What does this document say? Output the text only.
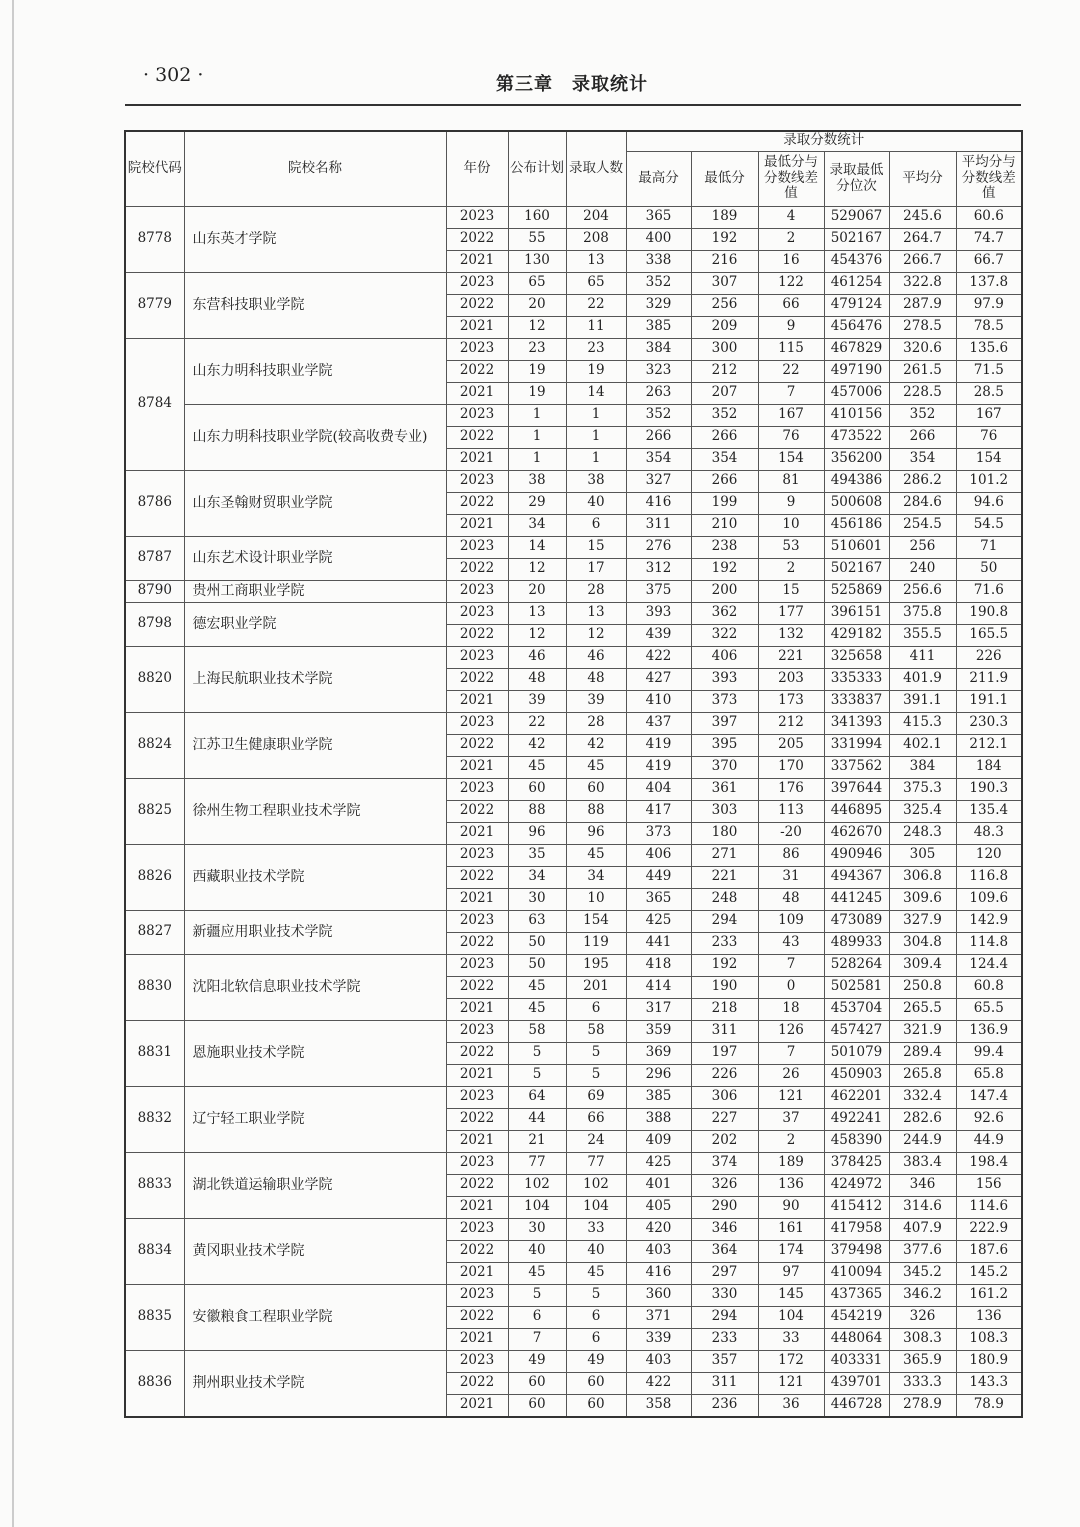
· 302 ·	第三章　录取统计
院校代码	院校名称	年份	公布计划	录取人数	录取分数统计					
					最高分	最低分	最低分与分数线差值	录取最低分位次	平均分	平均分与分数线差值
8778	山东英才学院	2023	160	204	365	189	4	529067	245.6	60.6
		2022	55	208	400	192	2	502167	264.7	74.7
		2021	130	13	338	216	16	454376	266.7	66.7
8779	东营科技职业学院	2023	65	65	352	307	122	461254	322.8	137.8
		2022	20	22	329	256	66	479124	287.9	97.9
		2021	12	11	385	209	9	456476	278.5	78.5
8784	山东力明科技职业学院	2023	23	23	384	300	115	467829	320.6	135.6
		2022	19	19	323	212	22	497190	261.5	71.5
		2021	19	14	263	207	7	457006	228.5	28.5
	山东力明科技职业学院(较高收费专业)	2023	1	1	352	352	167	410156	352	167
		2022	1	1	266	266	76	473522	266	76
		2021	1	1	354	354	154	356200	354	154
8786	山东圣翰财贸职业学院	2023	38	38	327	266	81	494386	286.2	101.2
		2022	29	40	416	199	9	500608	284.6	94.6
		2021	34	6	311	210	10	456186	254.5	54.5
8787	山东艺术设计职业学院	2023	14	15	276	238	53	510601	256	71
		2022	12	17	312	192	2	502167	240	50
8790	贵州工商职业学院	2023	20	28	375	200	15	525869	256.6	71.6
8798	德宏职业学院	2023	13	13	393	362	177	396151	375.8	190.8
		2022	12	12	439	322	132	429182	355.5	165.5
8820	上海民航职业技术学院	2023	46	46	422	406	221	325658	411	226
		2022	48	48	427	393	203	335333	401.9	211.9
		2021	39	39	410	373	173	333837	391.1	191.1
8824	江苏卫生健康职业学院	2023	22	28	437	397	212	341393	415.3	230.3
		2022	42	42	419	395	205	331994	402.1	212.1
		2021	45	45	419	370	170	337562	384	184
8825	徐州生物工程职业技术学院	2023	60	60	404	361	176	397644	375.3	190.3
		2022	88	88	417	303	113	446895	325.4	135.4
		2021	96	96	373	180	-20	462670	248.3	48.3
8826	西藏职业技术学院	2023	35	45	406	271	86	490946	305	120
		2022	34	34	449	221	31	494367	306.8	116.8
		2021	30	10	365	248	48	441245	309.6	109.6
8827	新疆应用职业技术学院	2023	63	154	425	294	109	473089	327.9	142.9
		2022	50	119	441	233	43	489933	304.8	114.8
8830	沈阳北软信息职业技术学院	2023	50	195	418	192	7	528264	309.4	124.4
		2022	45	201	414	190	0	502581	250.8	60.8
		2021	45	6	317	218	18	453704	265.5	65.5
8831	恩施职业技术学院	2023	58	58	359	311	126	457427	321.9	136.9
		2022	5	5	369	197	7	501079	289.4	99.4
		2021	5	5	296	226	26	450903	265.8	65.8
8832	辽宁轻工职业学院	2023	64	69	385	306	121	462201	332.4	147.4
		2022	44	66	388	227	37	492241	282.6	92.6
		2021	21	24	409	202	2	458390	244.9	44.9
8833	湖北铁道运输职业学院	2023	77	77	425	374	189	378425	383.4	198.4
		2022	102	102	401	326	136	424972	346	156
		2021	104	104	405	290	90	415412	314.6	114.6
8834	黄冈职业技术学院	2023	30	33	420	346	161	417958	407.9	222.9
		2022	40	40	403	364	174	379498	377.6	187.6
		2021	45	45	416	297	97	410094	345.2	145.2
8835	安徽粮食工程职业学院	2023	5	5	360	330	145	437365	346.2	161.2
		2022	6	6	371	294	104	454219	326	136
		2021	7	6	339	233	33	448064	308.3	108.3
8836	荆州职业技术学院	2023	49	49	403	357	172	403331	365.9	180.9
		2022	60	60	422	311	121	439701	333.3	143.3
		2021	60	60	358	236	36	446728	278.9	78.9
